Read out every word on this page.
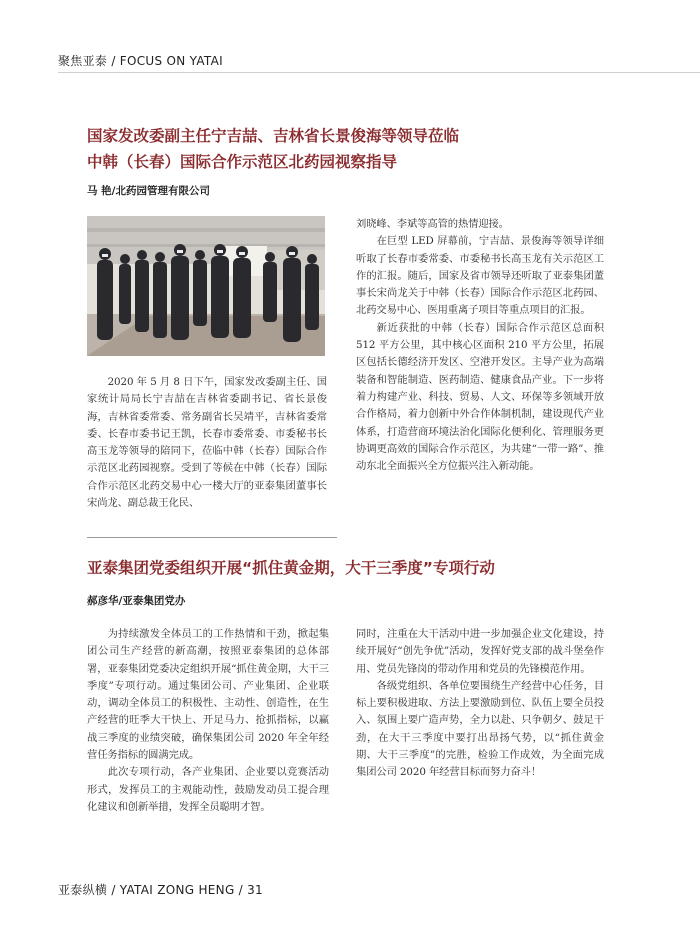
聚焦亚泰 / FOCUS ON YATAI
国家发改委副主任宁吉喆、吉林省长景俊海等领导莅临
中韩（长春）国际合作示范区北药园视察指导
马 艳/北药园管理有限公司

2020 年 5 月 8 日下午，国家发改委副主任、国家统计局局长宁吉喆在吉林省委副书记、省长景俊海，吉林省委常委、常务副省长吴靖平，吉林省委常委、长春市委书记王凯，长春市委常委、市委秘书长高玉龙等领导的陪同下，莅临中韩（长春）国际合作示范区北药园视察。受到了等候在中韩（长春）国际合作示范区北药交易中心一楼大厅的亚泰集团董事长宋尚龙、副总裁王化民、

刘晓峰、李斌等高管的热情迎接。

在巨型 LED 屏幕前，宁吉喆、景俊海等领导详细听取了长春市委常委、市委秘书长高玉龙有关示范区工作的汇报。随后，国家及省市领导还听取了亚泰集团董事长宋尚龙关于中韩（长春）国际合作示范区北药园、北药交易中心、医用重离子项目等重点项目的汇报。

新近获批的中韩（长春）国际合作示范区总面积 512 平方公里，其中核心区面积 210 平方公里，拓展区包括长德经济开发区、空港开发区。主导产业为高端装备和智能制造、医药制造、健康食品产业。下一步将着力构建产业、科技、贸易、人文、环保等多领域开放合作格局，着力创新中外合作体制机制，建设现代产业体系，打造营商环境法治化国际化便利化、管理服务更协调更高效的国际合作示范区，为共建“一带一路”、推动东北全面振兴全方位振兴注入新动能。

亚泰集团党委组织开展“抓住黄金期，大干三季度”专项行动
郝彦华/亚泰集团党办

为持续激发全体员工的工作热情和干劲，掀起集团公司生产经营的新高潮，按照亚泰集团的总体部署，亚泰集团党委决定组织开展“抓住黄金期，大干三季度”专项行动。通过集团公司、产业集团、企业联动，调动全体员工的积极性、主动性、创造性，在生产经营的旺季大干快上、开足马力、抢抓指标，以赢战三季度的业绩突破，确保集团公司 2020 年全年经营任务指标的圆满完成。

此次专项行动，各产业集团、企业要以竞赛活动形式，发挥员工的主观能动性，鼓励发动员工提合理化建议和创新举措，发挥全员聪明才智。

同时，注重在大干活动中进一步加强企业文化建设，持续开展好“创先争优”活动，发挥好党支部的战斗堡垒作用、党员先锋岗的带动作用和党员的先锋模范作用。

各级党组织、各单位要围绕生产经营中心任务，目标上要积极进取、方法上要激励到位、队伍上要全员投入、氛围上要广造声势，全力以赴、只争朝夕、鼓足干劲，在大干三季度中要打出昂扬气势，以“抓住黄金期、大干三季度”的完胜，检验工作成效，为全面完成集团公司 2020 年经营目标而努力奋斗！

亚泰纵横 / YATAI ZONG HENG / 31
